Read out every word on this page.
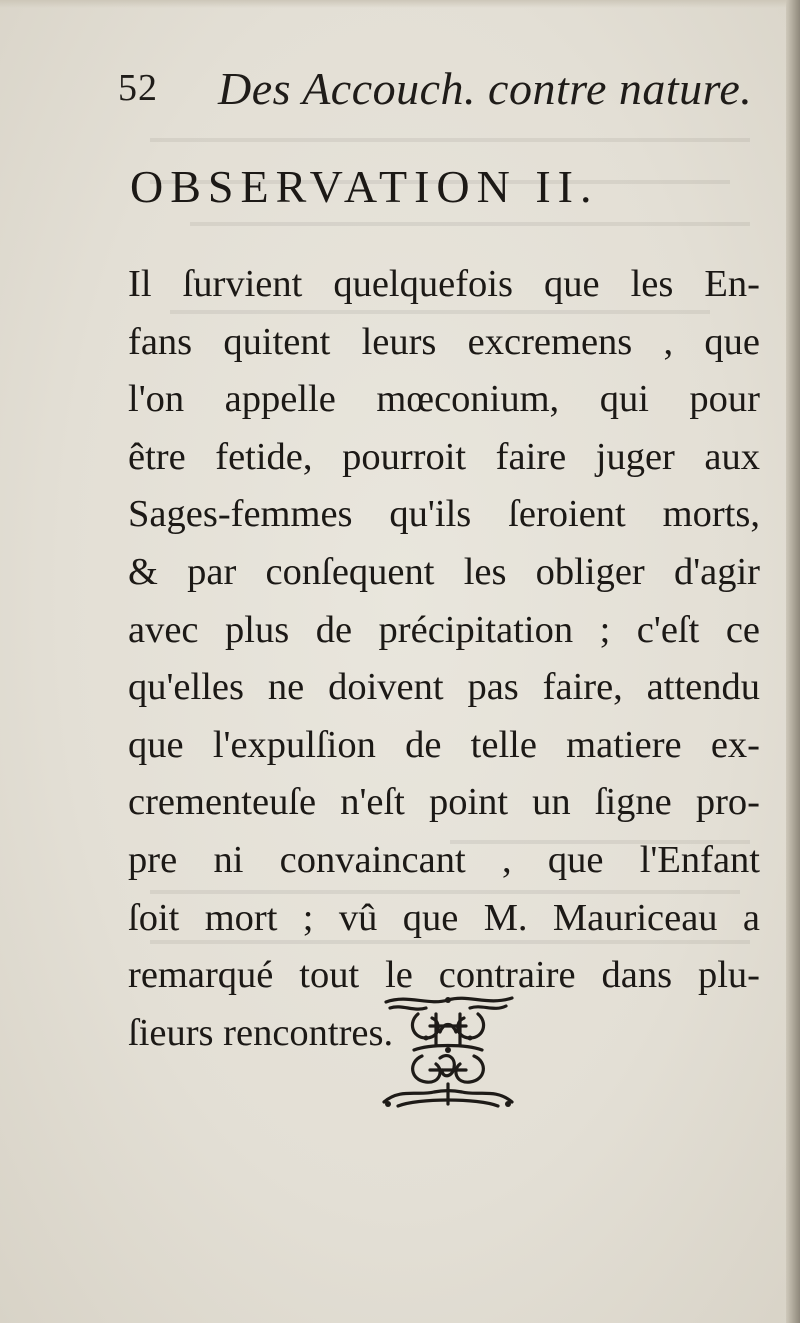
52 Des Accouch. contre nature.
OBSERVATION II.
Il ſurvient quelquefois que les En-
fans quitent leurs excremens , que
l'on appelle mœconium, qui pour
être fetide, pourroit faire juger aux
Sages-femmes qu'ils ſeroient morts,
& par conſequent les obliger d'agir
avec plus de précipitation ; c'eſt ce
qu'elles ne doivent pas faire, attendu
que l'expulſion de telle matiere ex-
crementeuſe n'eſt point un ſigne pro-
pre ni convaincant , que l'Enfant
ſoit mort ; vû que M. Mauriceau a
remarqué tout le contraire dans plu-
ſieurs rencontres.
